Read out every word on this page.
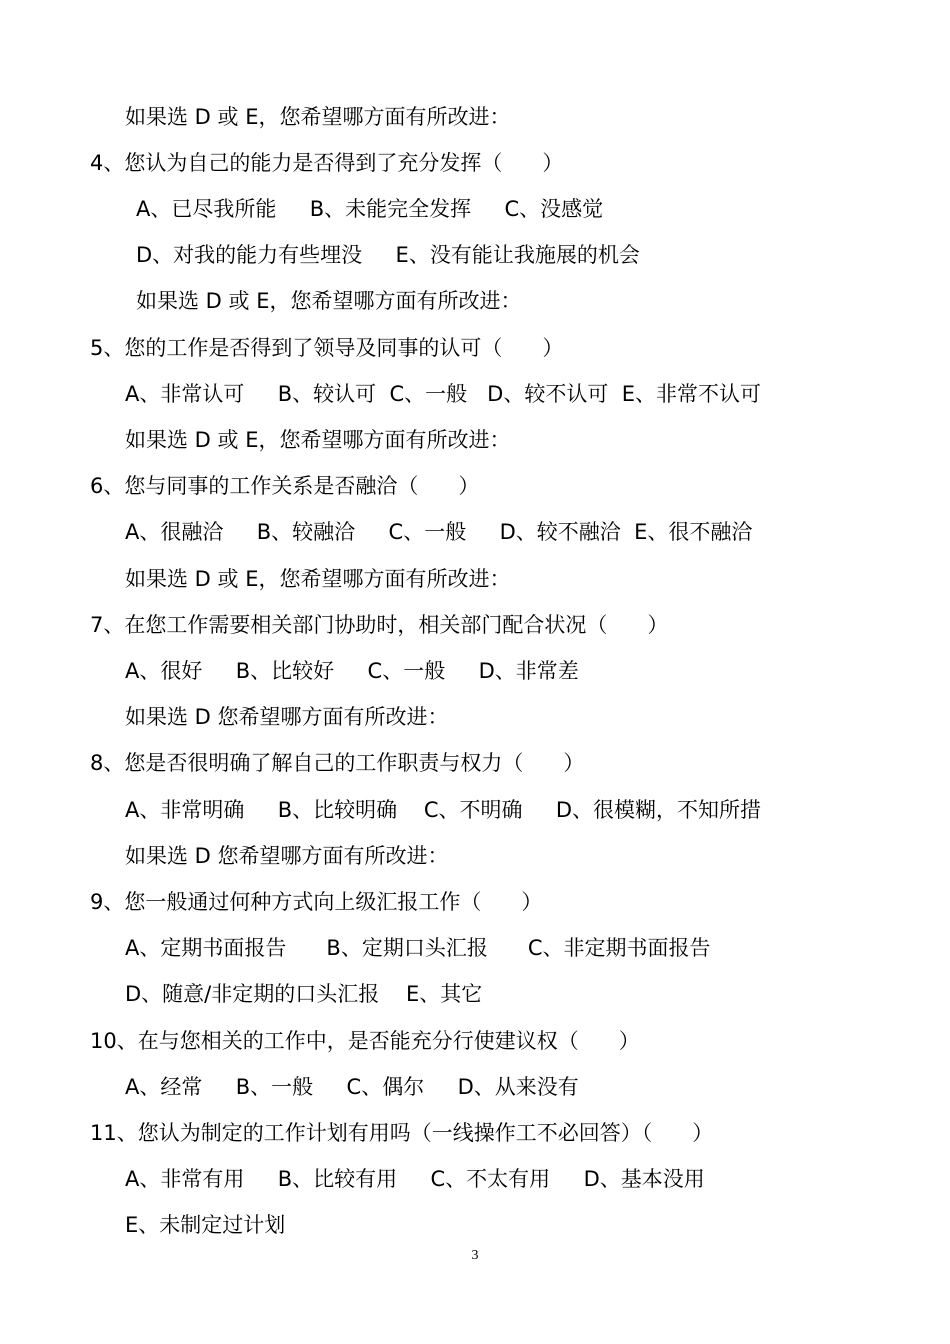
如果选 D 或 E，您希望哪方面有所改进：
4、您认为自己的能力是否得到了充分发挥（      ）
A、已尽我所能     B、未能完全发挥     C、没感觉
D、对我的能力有些埋没     E、没有能让我施展的机会
如果选 D 或 E，您希望哪方面有所改进：
5、您的工作是否得到了领导及同事的认可（      ）
A、非常认可     B、较认可  C、一般   D、较不认可  E、非常不认可
如果选 D 或 E，您希望哪方面有所改进：
6、您与同事的工作关系是否融洽（      ）
A、很融洽     B、较融洽     C、一般     D、较不融洽  E、很不融洽
如果选 D 或 E，您希望哪方面有所改进：
7、在您工作需要相关部门协助时，相关部门配合状况（      ）
A、很好     B、比较好     C、一般     D、非常差
如果选 D 您希望哪方面有所改进：
8、您是否很明确了解自己的工作职责与权力（      ）
A、非常明确     B、比较明确    C、不明确     D、很模糊，不知所措
如果选 D 您希望哪方面有所改进：
9、您一般通过何种方式向上级汇报工作（      ）
A、定期书面报告      B、定期口头汇报      C、非定期书面报告
D、随意/非定期的口头汇报    E、其它
10、在与您相关的工作中，是否能充分行使建议权（      ）
A、经常     B、一般     C、偶尔     D、从来没有
11、您认为制定的工作计划有用吗（一线操作工不必回答）（      ）
A、非常有用     B、比较有用     C、不太有用     D、基本没用
E、未制定过计划
3
